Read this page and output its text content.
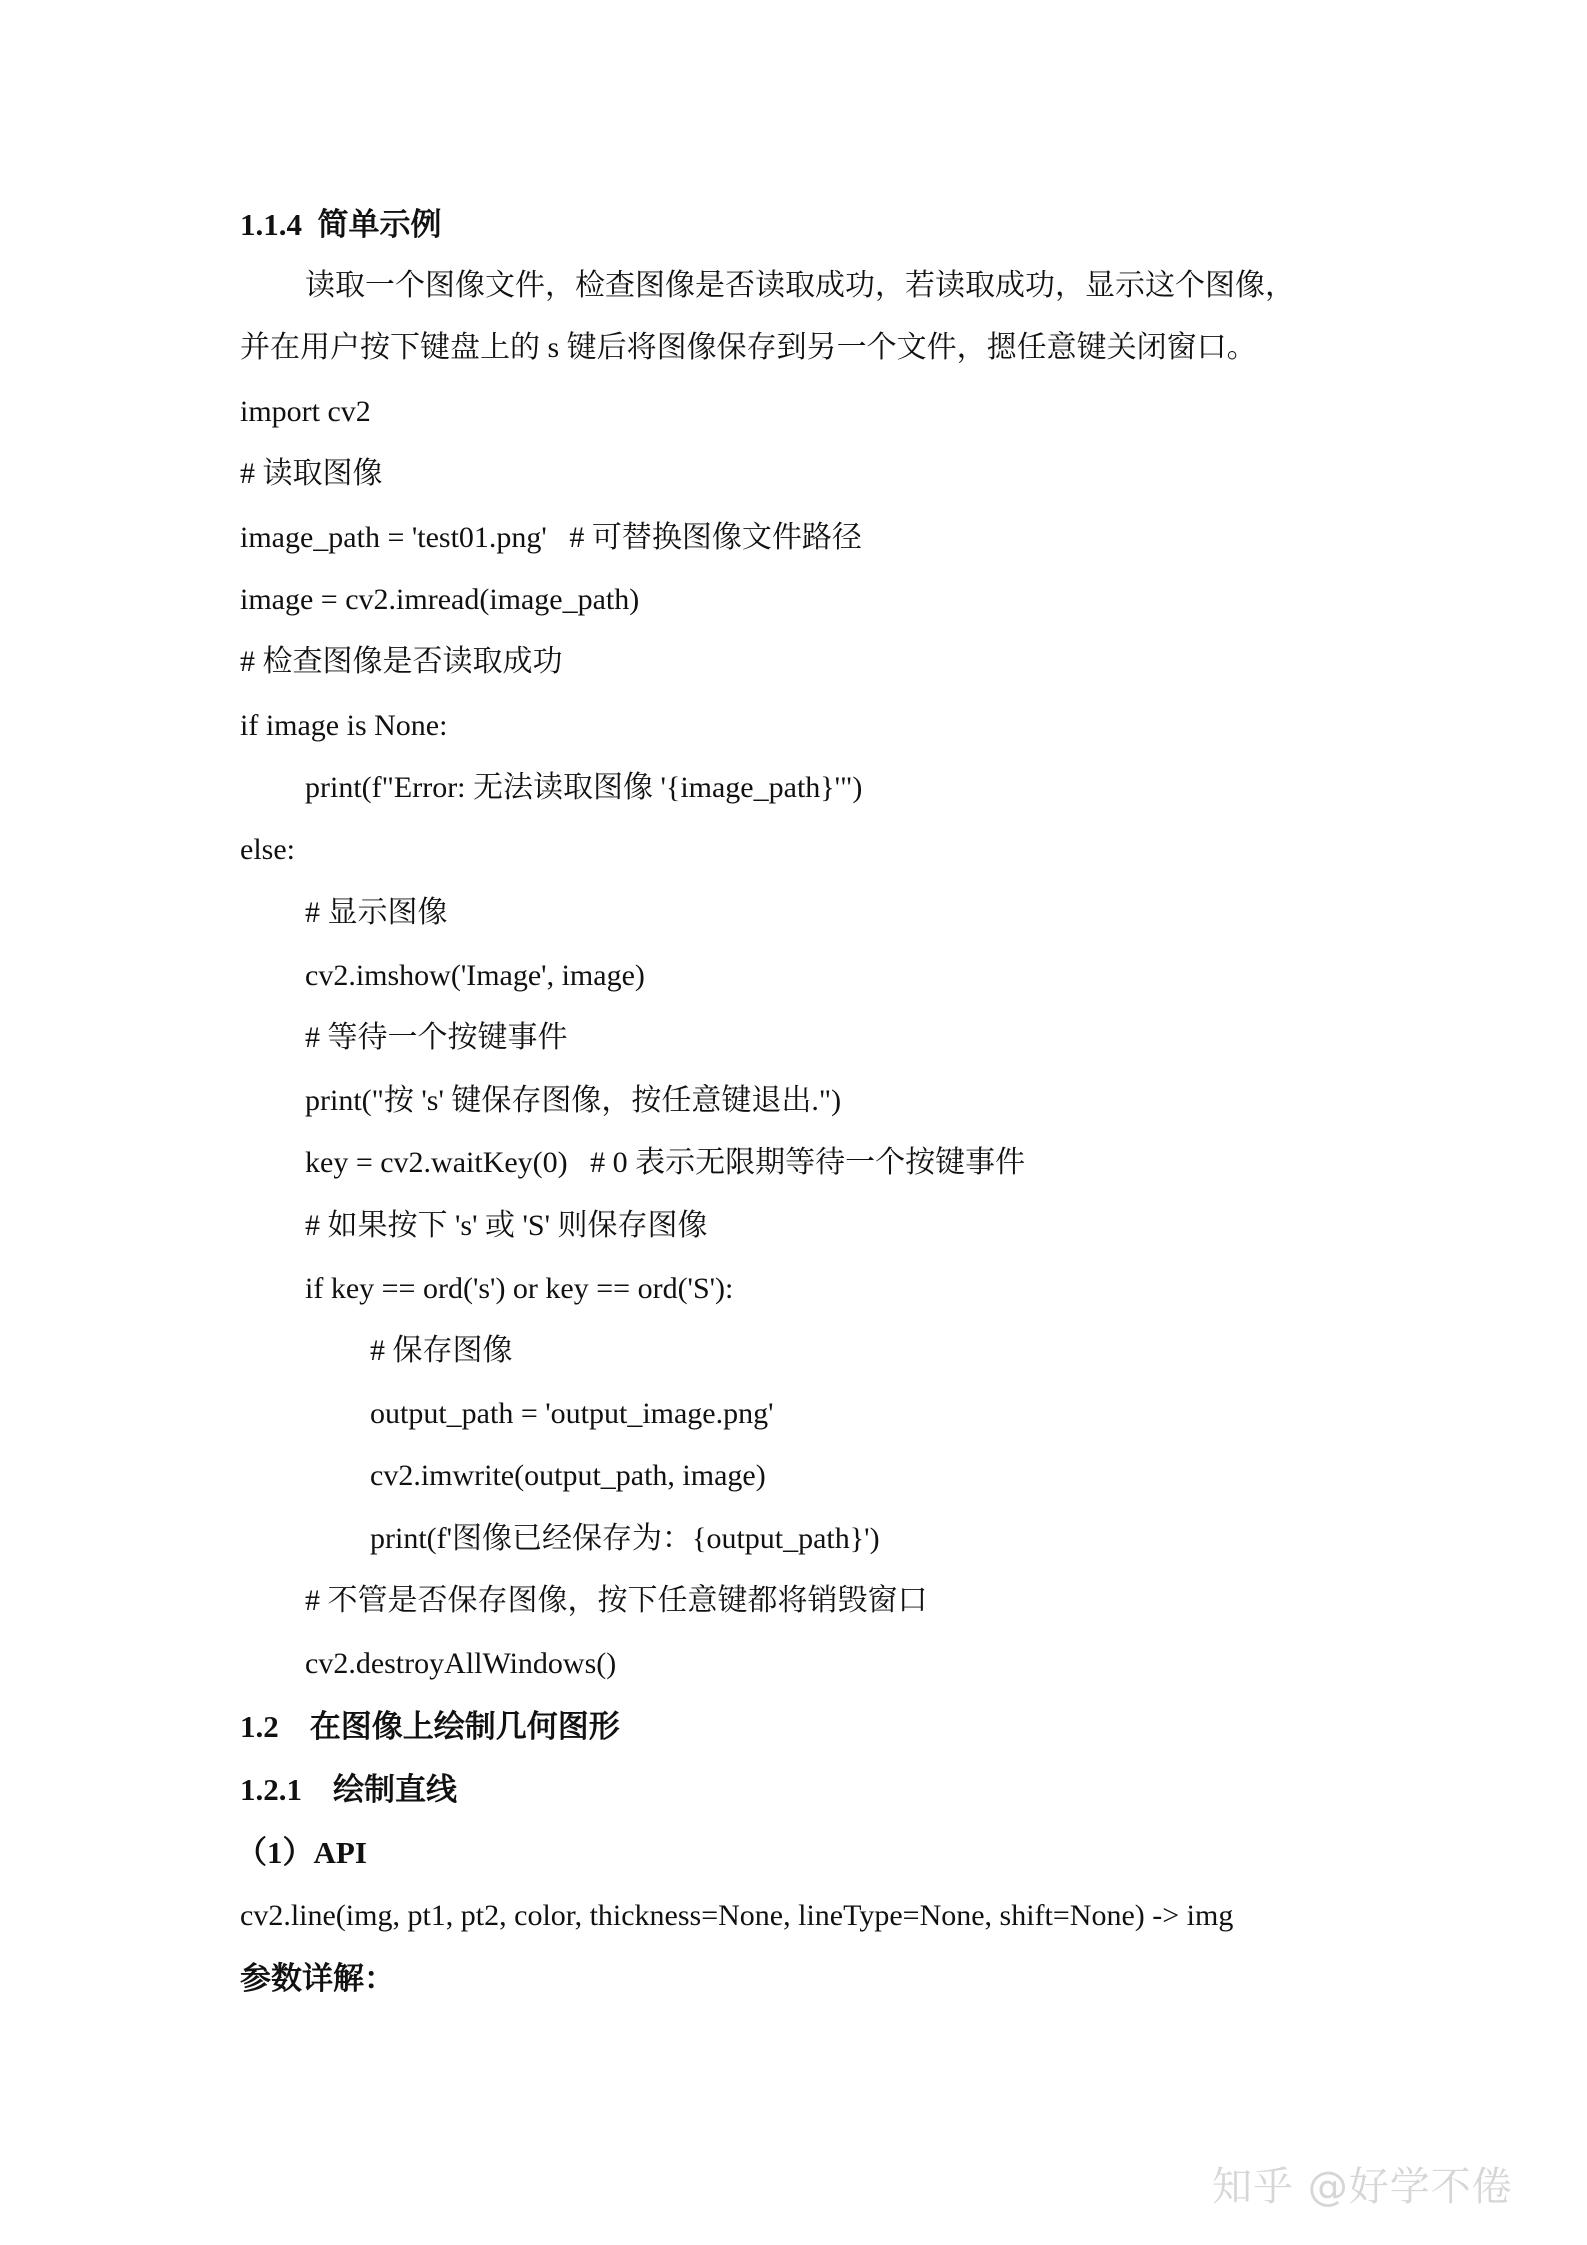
1.1.4  简单示例
读取一个图像文件，检查图像是否读取成功，若读取成功，显示这个图像，
并在用户按下键盘上的 s 键后将图像保存到另一个文件，摁任意键关闭窗口。
import cv2
# 读取图像
image_path = 'test01.png'   # 可替换图像文件路径
image = cv2.imread(image_path)
# 检查图像是否读取成功
if image is None:
print(f"Error: 无法读取图像 '{image_path}'")
else:
# 显示图像
cv2.imshow('Image', image)
# 等待一个按键事件
print("按 's' 键保存图像，按任意键退出.")
key = cv2.waitKey(0)   # 0 表示无限期等待一个按键事件
# 如果按下 's' 或 'S' 则保存图像
if key == ord('s') or key == ord('S'):
# 保存图像
output_path = 'output_image.png'
cv2.imwrite(output_path, image)
print(f'图像已经保存为：{output_path}')
# 不管是否保存图像，按下任意键都将销毁窗口
cv2.destroyAllWindows()
1.2    在图像上绘制几何图形
1.2.1    绘制直线
（1）API
cv2.line(img, pt1, pt2, color, thickness=None, lineType=None, shift=None) -> img
参数详解：
知乎 @好学不倦
